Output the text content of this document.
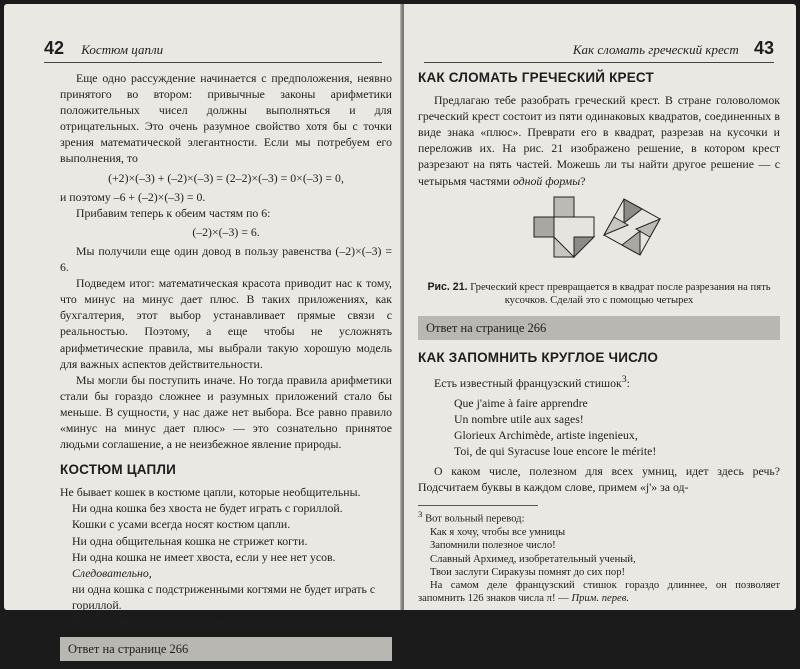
42 Костюм цапли

Еще одно рассуждение начинается с предположения, неявно принятого во втором: привычные законы арифметики положительных чисел должны выполняться и для отрицательных. Это очень разумное свойство хотя бы с точки зрения математической элегантности. Если мы потребуем его выполнения, то

(+2)×(–3) + (–2)×(–3) = (2–2)×(–3) = 0×(–3) = 0,

и поэтому –6 + (–2)×(–3) = 0.

Прибавим теперь к обеим частям по 6:

(–2)×(–3) = 6.

Мы получили еще один довод в пользу равенства (–2)×(–3) = 6.

Подведем итог: математическая красота приводит нас к тому, что минус на минус дает плюс. В таких приложениях, как бухгалтерия, этот выбор устанавливает прямые связи с реальностью. Поэтому, а еще чтобы не усложнять арифметические правила, мы выбрали такую хорошую модель для важных аспектов действительности.

Мы могли бы поступить иначе. Но тогда правила арифметики стали бы гораздо сложнее и разумных приложений стало бы меньше. В сущности, у нас даже нет выбора. Все равно правило «минус на минус дает плюс» — это сознательно принятое людьми соглашение, а не неизбежное явление природы.

КОСТЮМ ЦАПЛИ

Не бывает кошек в костюме цапли, которые необщительны.

Ни одна кошка без хвоста не будет играть с гориллой.
Кошки с усами всегда носят костюм цапли.
Ни одна общительная кошка не стрижет когти.
Ни одна кошка не имеет хвоста, если у нее нет усов.
Следовательно,
ни одна кошка с подстриженными когтями не будет играть с гориллой.
Верен ли этот логический вывод?
Ответ на странице 266
Как сломать греческий крест 43
КАК СЛОМАТЬ ГРЕЧЕСКИЙ КРЕСТ

Предлагаю тебе разобрать греческий крест. В стране головоломок греческий крест состоит из пяти одинаковых квадратов, соединенных в виде знака «плюс». Преврати его в квадрат, разрезав на кусочки и переложив их. На рис. 21 изображено решение, в котором крест разрезают на пять частей. Можешь ли ты найти другое решение — с четырьмя частями одной формы?

Рис. 21. Греческий крест превращается в квадрат после разрезания на пять кусочков. Сделай это с помощью четырех

Ответ на странице 266
КАК ЗАПОМНИТЬ КРУГЛОЕ ЧИСЛО

Есть известный французский стишок$^3$:

Que j'aime à faire apprendre
Un nombre utile aux sages!
Glorieux Archimède, artiste ingenieux,
Toi, de qui Syracuse loue encore le mérite!

О каком числе, полезном для всех умниц, идет здесь речь? Подсчитаем буквы в каждом слове, примем «j'» за од-

$^3$ Вот вольный перевод:
Как я хочу, чтобы все умницы
Запомнили полезное число!
Славный Архимед, изобретательный ученый,
Твои заслуги Сиракузы помнят до сих пор!

На самом деле французский стишок гораздо длиннее, он позволяет запомнить 126 знаков числа π! — Прим. перев.
